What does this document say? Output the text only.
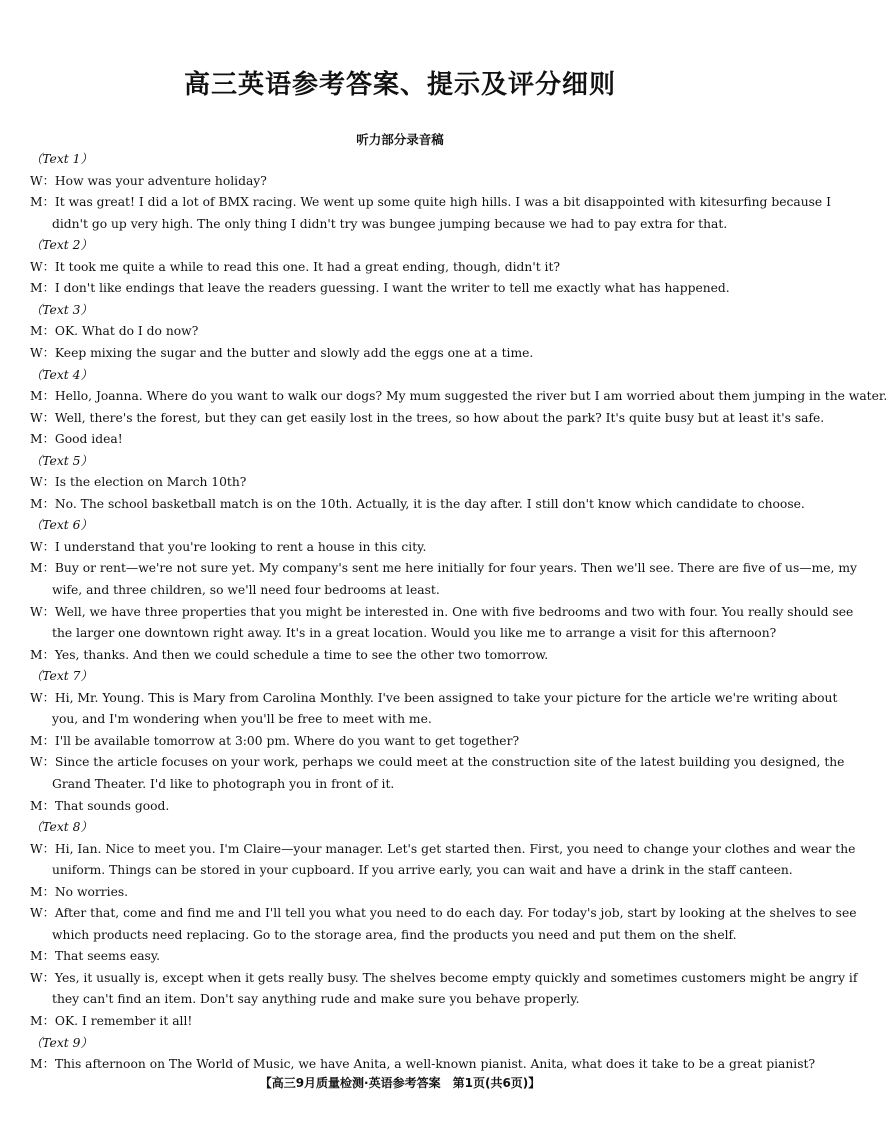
高三英语参考答案、提示及评分细则
听力部分录音稿
（Text 1）
W：How was your adventure holiday?
M：It was great! I did a lot of BMX racing. We went up some quite high hills. I was a bit disappointed with kitesurfing because I
didn't go up very high. The only thing I didn't try was bungee jumping because we had to pay extra for that.
（Text 2）
W：It took me quite a while to read this one. It had a great ending, though, didn't it?
M：I don't like endings that leave the readers guessing. I want the writer to tell me exactly what has happened.
（Text 3）
M：OK. What do I do now?
W：Keep mixing the sugar and the butter and slowly add the eggs one at a time.
（Text 4）
M：Hello, Joanna. Where do you want to walk our dogs? My mum suggested the river but I am worried about them jumping in the water.
W：Well, there's the forest, but they can get easily lost in the trees, so how about the park? It's quite busy but at least it's safe.
M：Good idea!
（Text 5）
W：Is the election on March 10th?
M：No. The school basketball match is on the 10th. Actually, it is the day after. I still don't know which candidate to choose.
（Text 6）
W：I understand that you're looking to rent a house in this city.
M：Buy or rent—we're not sure yet. My company's sent me here initially for four years. Then we'll see. There are five of us—me, my
wife, and three children, so we'll need four bedrooms at least.
W：Well, we have three properties that you might be interested in. One with five bedrooms and two with four. You really should see
the larger one downtown right away. It's in a great location. Would you like me to arrange a visit for this afternoon?
M：Yes, thanks. And then we could schedule a time to see the other two tomorrow.
（Text 7）
W：Hi, Mr. Young. This is Mary from Carolina Monthly. I've been assigned to take your picture for the article we're writing about
you, and I'm wondering when you'll be free to meet with me.
M：I'll be available tomorrow at 3:00 pm. Where do you want to get together?
W：Since the article focuses on your work, perhaps we could meet at the construction site of the latest building you designed, the
Grand Theater. I'd like to photograph you in front of it.
M：That sounds good.
（Text 8）
W：Hi, Ian. Nice to meet you. I'm Claire—your manager. Let's get started then. First, you need to change your clothes and wear the
uniform. Things can be stored in your cupboard. If you arrive early, you can wait and have a drink in the staff canteen.
M：No worries.
W：After that, come and find me and I'll tell you what you need to do each day. For today's job, start by looking at the shelves to see
which products need replacing. Go to the storage area, find the products you need and put them on the shelf.
M：That seems easy.
W：Yes, it usually is, except when it gets really busy. The shelves become empty quickly and sometimes customers might be angry if
they can't find an item. Don't say anything rude and make sure you behave properly.
M：OK. I remember it all!
（Text 9）
M：This afternoon on The World of Music, we have Anita, a well-known pianist. Anita, what does it take to be a great pianist?
【高三9月质量检测·英语参考答案　第1页(共6页)】
